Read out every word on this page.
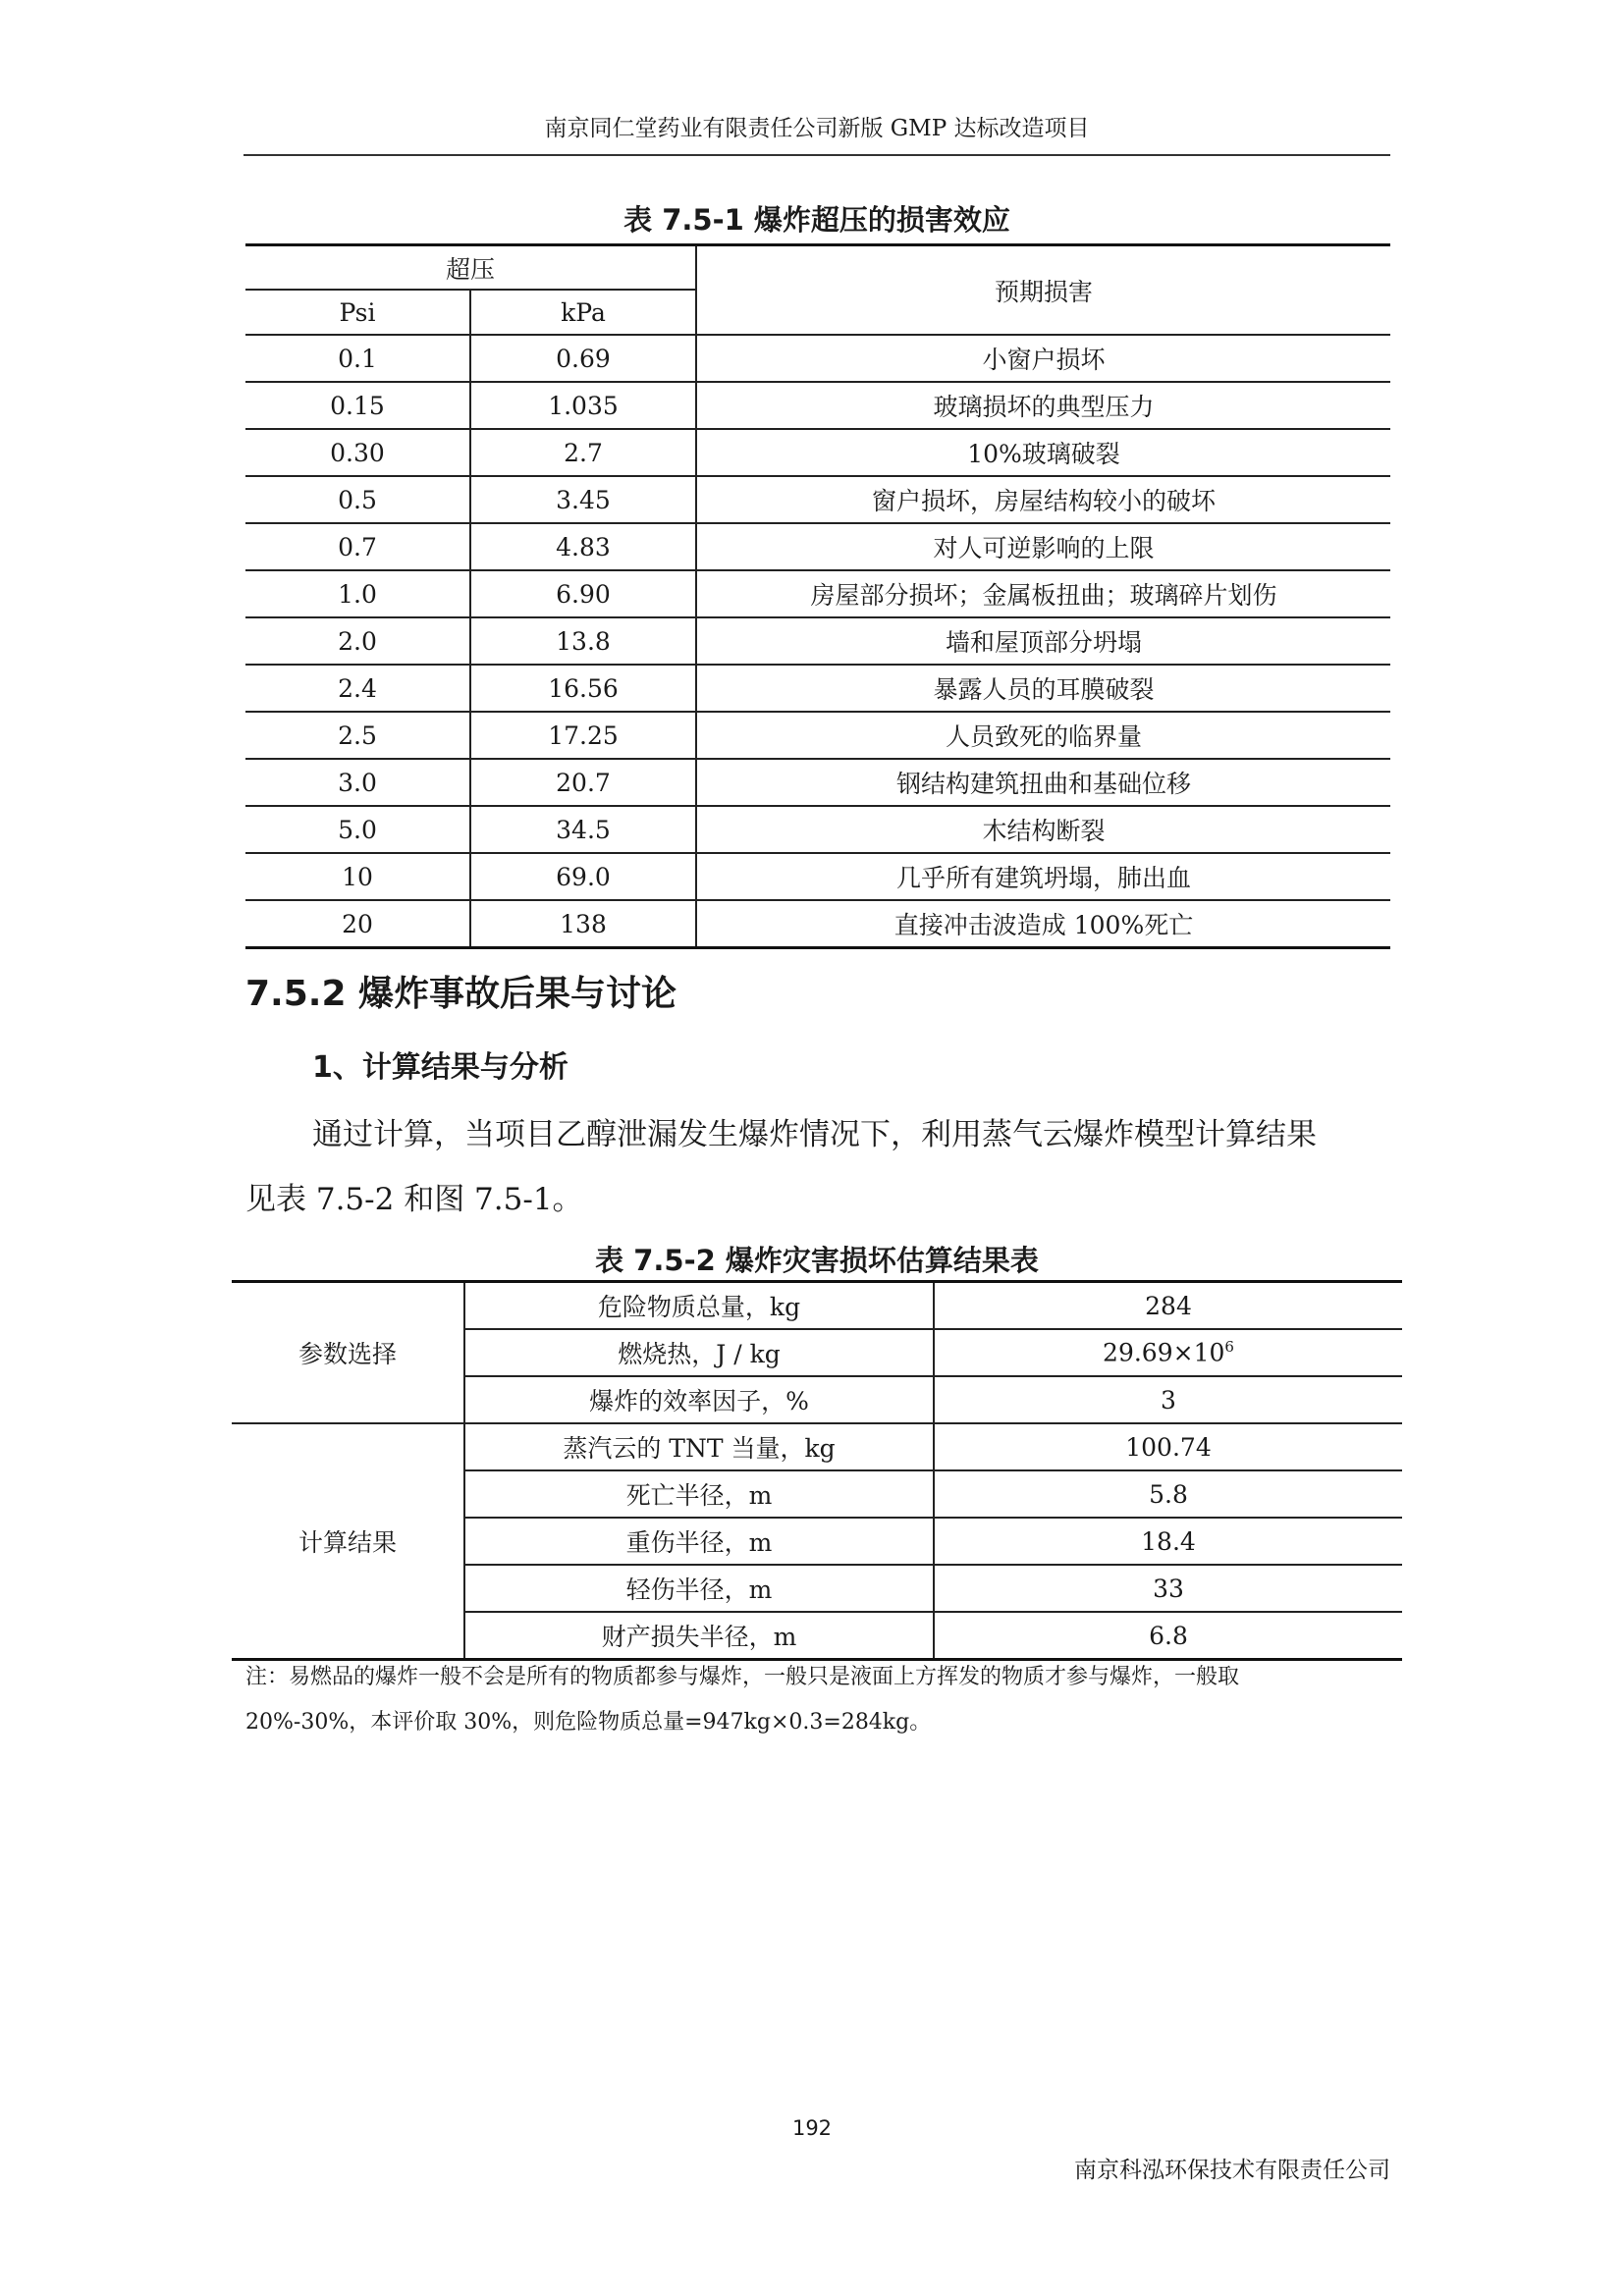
南京同仁堂药业有限责任公司新版 GMP 达标改造项目
表 7.5-1 爆炸超压的损害效应
超压		预期损害
Psi	kPa	
0.1	0.69	小窗户损坏
0.15	1.035	玻璃损坏的典型压力
0.30	2.7	10%玻璃破裂
0.5	3.45	窗户损坏，房屋结构较小的破坏
0.7	4.83	对人可逆影响的上限
1.0	6.90	房屋部分损坏；金属板扭曲；玻璃碎片划伤
2.0	13.8	墙和屋顶部分坍塌
2.4	16.56	暴露人员的耳膜破裂
2.5	17.25	人员致死的临界量
3.0	20.7	钢结构建筑扭曲和基础位移
5.0	34.5	木结构断裂
10	69.0	几乎所有建筑坍塌，肺出血
20	138	直接冲击波造成 100%死亡
7.5.2 爆炸事故后果与讨论
1、计算结果与分析
通过计算，当项目乙醇泄漏发生爆炸情况下，利用蒸气云爆炸模型计算结果
见表 7.5-2 和图 7.5-1。
表 7.5-2 爆炸灾害损坏估算结果表
参数选择	危险物质总量，kg	284
	燃烧热，J / kg	$29.69\times 10^6$
	爆炸的效率因子，%	3
计算结果	蒸汽云的 TNT 当量，kg	100.74
	死亡半径，m	5.8
	重伤半径，m	18.4
	轻伤半径，m	33
	财产损失半径，m	6.8
注：易燃品的爆炸一般不会是所有的物质都参与爆炸，一般只是液面上方挥发的物质才参与爆炸，一般取
20%-30%，本评价取 30%，则危险物质总量=947kg×0.3=284kg。
192
南京科泓环保技术有限责任公司
